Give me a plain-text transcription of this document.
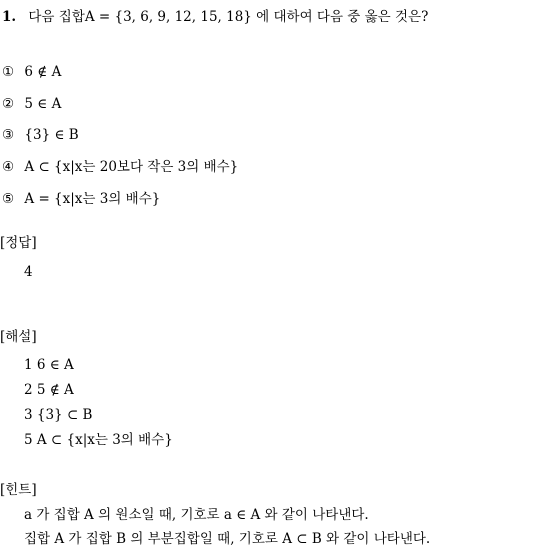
1. 다음 집합A = {3, 6, 9, 12, 15, 18} 에 대하여 다음 중 옳은 것은?
① 6 ∉ A
② 5 ∈ A
③ {3} ∈ B
④ A ⊂ {x|x는 20보다 작은 3의 배수}
⑤ A = {x|x는 3의 배수}
[정답]
4
[해설]
1 6 ∈ A
2 5 ∉ A
3 {3} ⊂ B
5 A ⊂ {x|x는 3의 배수}
[힌트]
a 가 집합 A 의 원소일 때, 기호로 a ∈ A 와 같이 나타낸다.
집합 A 가 집합 B 의 부분집합일 때, 기호로 A ⊂ B 와 같이 나타낸다.
